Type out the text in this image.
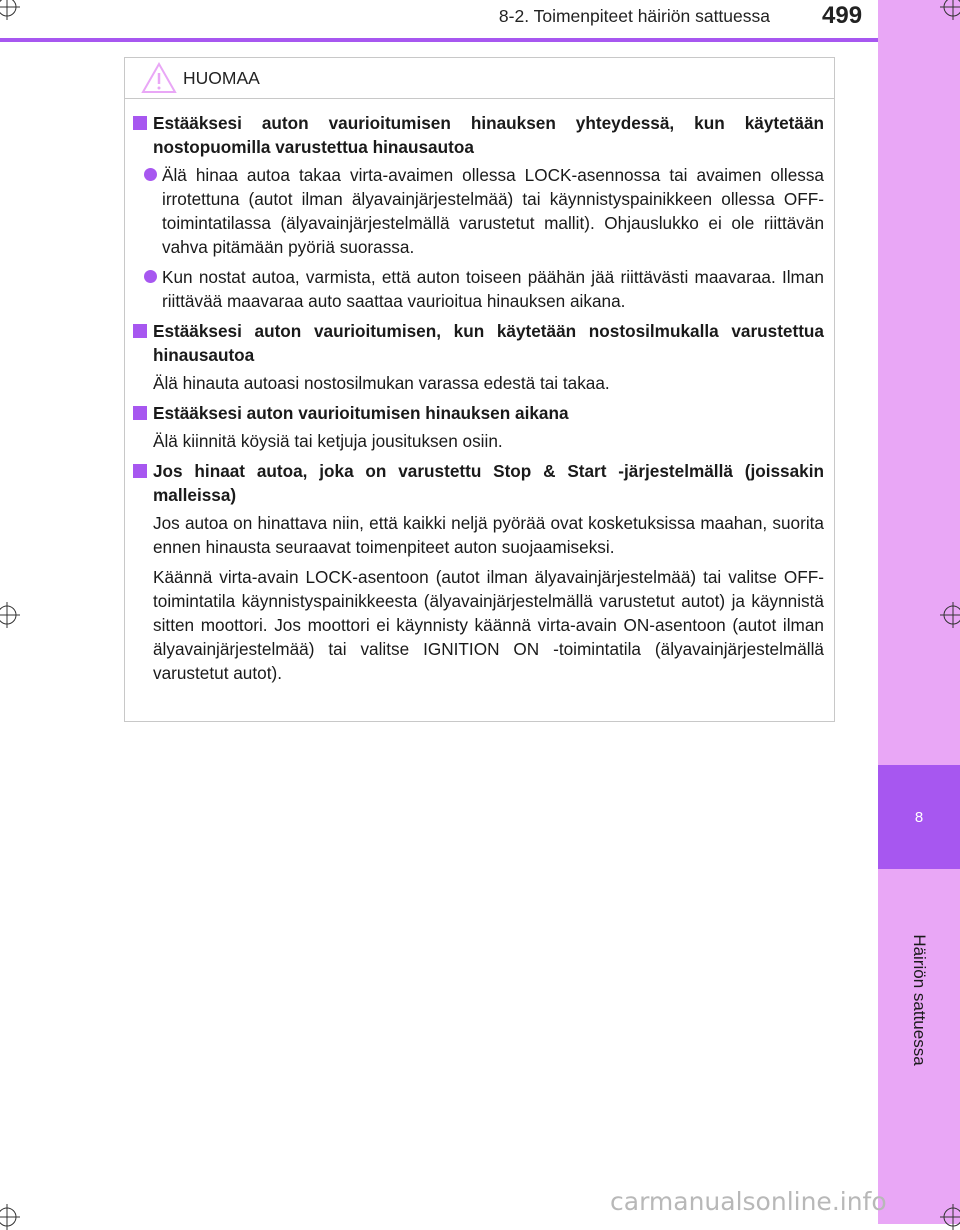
8
Häiriön sattuessa
8-2. Toimenpiteet häiriön sattuessa 499
HUOMAA
Estääksesi auton vaurioitumisen hinauksen yhteydessä, kun käytetään nostopuomilla varustettua hinausautoa
Älä hinaa autoa takaa virta-avaimen ollessa LOCK-asennossa tai avaimen ollessa irrotettuna (autot ilman älyavainjärjestelmää) tai käynnistyspainikkeen ollessa OFF-toimintatilassa (älyavainjärjestelmällä varustetut mallit). Ohjauslukko ei ole riittävän vahva pitämään pyöriä suorassa.
Kun nostat autoa, varmista, että auton toiseen päähän jää riittävästi maavaraa. Ilman riittävää maavaraa auto saattaa vaurioitua hinauksen aikana.
Estääksesi auton vaurioitumisen, kun käytetään nostosilmukalla varustettua hinausautoa
Älä hinauta autoasi nostosilmukan varassa edestä tai takaa.
Estääksesi auton vaurioitumisen hinauksen aikana
Älä kiinnitä köysiä tai ketjuja jousituksen osiin.
Jos hinaat autoa, joka on varustettu Stop & Start -järjestelmällä (joissakin malleissa)
Jos autoa on hinattava niin, että kaikki neljä pyörää ovat kosketuksissa maahan, suorita ennen hinausta seuraavat toimenpiteet auton suojaamiseksi.
Käännä virta-avain LOCK-asentoon (autot ilman älyavainjärjestelmää) tai valitse OFF-toimintatila käynnistyspainikkeesta (älyavainjärjestelmällä varustetut autot) ja käynnistä sitten moottori. Jos moottori ei käynnisty käännä virta-avain ON-asentoon (autot ilman älyavainjärjestelmää) tai valitse IGNITION ON -toimintatila (älyavainjärjestelmällä varustetut autot).
carmanualsonline.info
